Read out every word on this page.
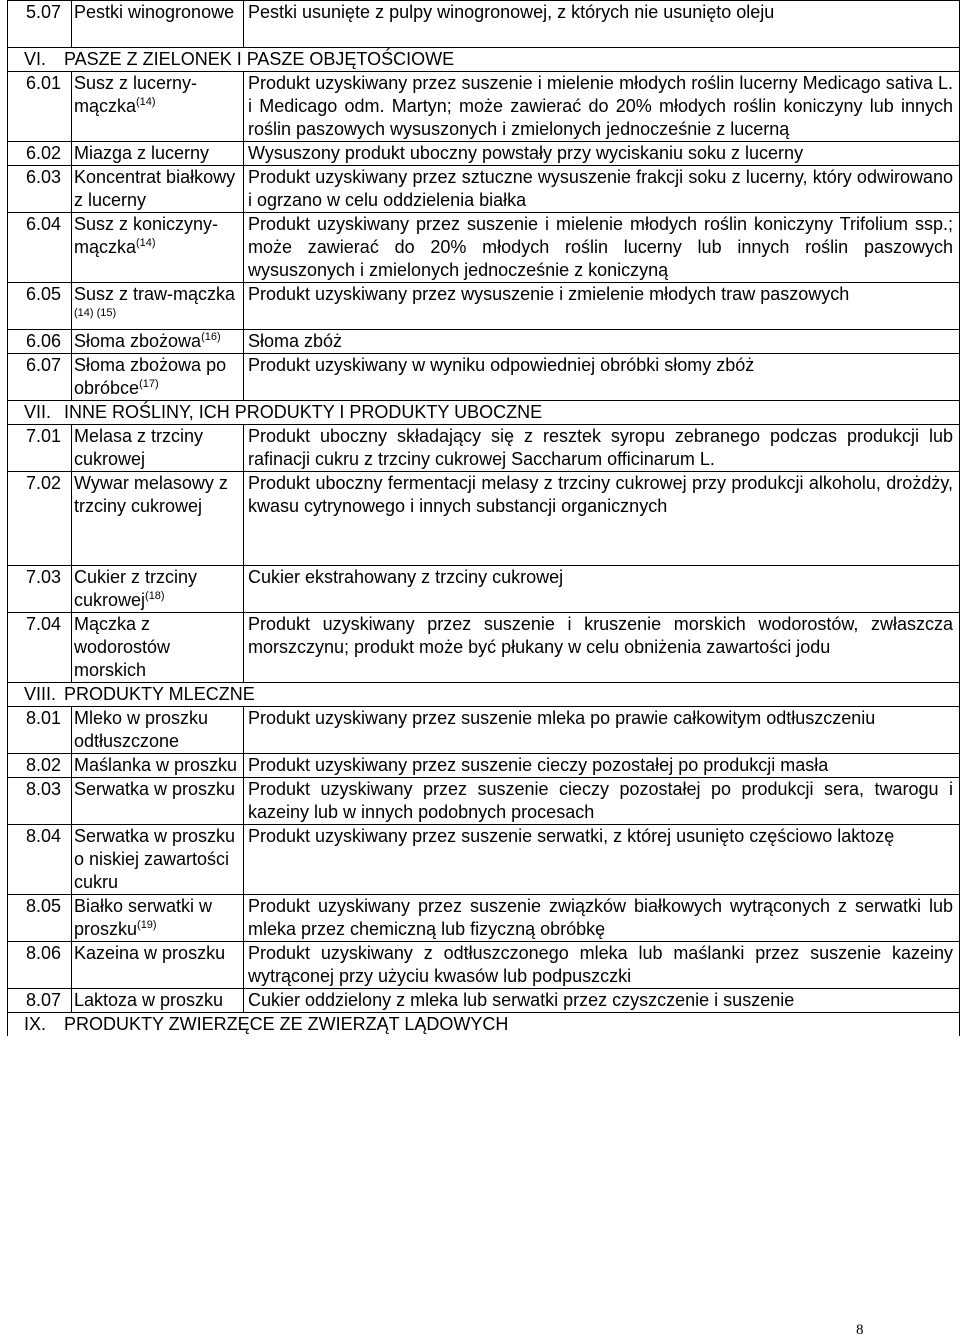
5.07	Pestki winogronowe	Pestki usunięte z pulpy winogronowej, z których nie usunięto oleju
VI. PASZE Z ZIELONEK I PASZE OBJĘTOŚCIOWE		
6.01	Susz z lucerny-mączka$^{(14)}$	Produkt uzyskiwany przez suszenie i mielenie młodych roślin lucerny Medicago sativa L. i Medicago odm. Martyn; może zawierać do 20% młodych roślin koniczyny lub innych roślin paszowych wysuszonych i zmielonych jednocześnie z lucerną
6.02	Miazga z lucerny	Wysuszony produkt uboczny powstały przy wyciskaniu soku z lucerny
6.03	Koncentrat białkowy z lucerny	Produkt uzyskiwany przez sztuczne wysuszenie frakcji soku z lucerny, który odwirowano i ogrzano w celu oddzielenia białka
6.04	Susz z koniczyny-mączka$^{(14)}$	Produkt uzyskiwany przez suszenie i mielenie młodych roślin koniczyny Trifolium ssp.; może zawierać do 20% młodych roślin lucerny lub innych roślin paszowych wysuszonych i zmielonych jednocześnie z koniczyną
6.05	Susz z traw-mączka $^{(14) (15)}$	Produkt uzyskiwany przez wysuszenie i zmielenie młodych traw paszowych
6.06	Słoma zbożowa$^{(16)}$	Słoma zbóż
6.07	Słoma zbożowa po obróbce$^{(17)}$	Produkt uzyskiwany w wyniku odpowiedniej obróbki słomy zbóż
VII. INNE ROŚLINY, ICH PRODUKTY I PRODUKTY UBOCZNE		
7.01	Melasa z trzciny cukrowej	Produkt uboczny składający się z resztek syropu zebranego podczas produkcji lub rafinacji cukru z trzciny cukrowej Saccharum officinarum L.
7.02	Wywar melasowy z trzciny cukrowej	Produkt uboczny fermentacji melasy z trzciny cukrowej przy produkcji alkoholu, drożdży, kwasu cytrynowego i innych substancji organicznych
7.03	Cukier z trzciny cukrowej$^{(18)}$	Cukier ekstrahowany z trzciny cukrowej
7.04	Mączka z wodorostów morskich	Produkt uzyskiwany przez suszenie i kruszenie morskich wodorostów, zwłaszcza morszczynu; produkt może być płukany w celu obniżenia zawartości jodu
VIII. PRODUKTY MLECZNE		
8.01	Mleko w proszku odtłuszczone	Produkt uzyskiwany przez suszenie mleka po prawie całkowitym odtłuszczeniu
8.02	Maślanka w proszku	Produkt uzyskiwany przez suszenie cieczy pozostałej po produkcji masła
8.03	Serwatka w proszku	Produkt uzyskiwany przez suszenie cieczy pozostałej po produkcji sera, twarogu i kazeiny lub w innych podobnych procesach
8.04	Serwatka w proszku o niskiej zawartości cukru	Produkt uzyskiwany przez suszenie serwatki, z której usunięto częściowo laktozę
8.05	Białko serwatki w proszku$^{(19)}$	Produkt uzyskiwany przez suszenie związków białkowych wytrąconych z serwatki lub mleka przez chemiczną lub fizyczną obróbkę
8.06	Kazeina w proszku	Produkt uzyskiwany z odtłuszczonego mleka lub maślanki przez suszenie kazeiny wytrąconej przy użyciu kwasów lub podpuszczki
8.07	Laktoza w proszku	Cukier oddzielony z mleka lub serwatki przez czyszczenie i suszenie
IX. PRODUKTY ZWIERZĘCE ZE ZWIERZĄT LĄDOWYCH		
8
